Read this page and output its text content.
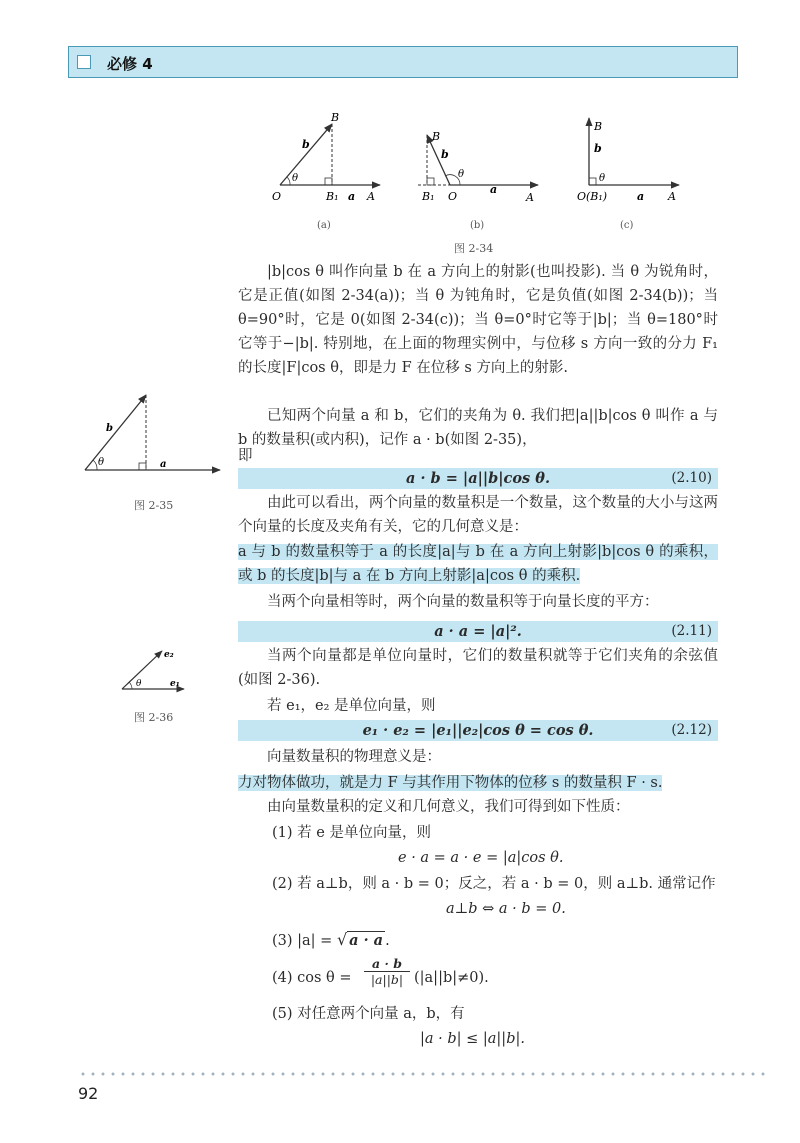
必修 4
B
b
θ
O	B₁ a A
(a)
B
b
θ
B₁ O
a
A
(b)
B
b
θ
O(B₁)	a A
(c)
图 2-34
b
θ	a
图 2-35
e₂
θ	e₁
图 2-36
|b|cos θ 叫作向量 b 在 a 方向上的射影(也叫投影). 当 θ 为锐角时，它是正值(如图 2-34(a))；当 θ 为钝角时，它是负值(如图 2-34(b))；当 θ=90°时，它是 0(如图 2-34(c))；当 θ=0°时它等于|b|；当 θ=180°时它等于−|b|. 特别地，在上面的物理实例中，与位移 s 方向一致的分力 F₁ 的长度|F|cos θ，即是力 F 在位移 s 方向上的射影.
已知两个向量 a 和 b，它们的夹角为 θ. 我们把|a||b|cos θ 叫作 a 与 b 的数量积(或内积)，记作 a · b(如图 2-35)，
即
a · b = |a||b|cos θ.	(2.10)
由此可以看出，两个向量的数量积是一个数量，这个数量的大小与这两个向量的长度及夹角有关，它的几何意义是：
a 与 b 的数量积等于 a 的长度|a|与 b 在 a 方向上射影|b|cos θ 的乘积，或 b 的长度|b|与 a 在 b 方向上射影|a|cos θ 的乘积.
当两个向量相等时，两个向量的数量积等于向量长度的平方：
a · a = |a|².	(2.11)
当两个向量都是单位向量时，它们的数量积就等于它们夹角的余弦值(如图 2-36).
若 e₁，e₂ 是单位向量，则
e₁ · e₂ = |e₁||e₂|cos θ = cos θ.	(2.12)
向量数量积的物理意义是：
力对物体做功，就是力 F 与其作用下物体的位移 s 的数量积 F · s.
由向量数量积的定义和几何意义，我们可得到如下性质：
(1) 若 e 是单位向量，则
e · a = a · e = |a|cos θ.
(2) 若 a⊥b，则 a · b = 0；反之，若 a · b = 0，则 a⊥b. 通常记作
a⊥b ⇔ a · b = 0.
(3) |a| = √ a · a .
(4) $\cos \theta = \frac{a \cdot b}{|a||b|} (|a||b|\ne 0)$.
(5) 对任意两个向量 a，b，有
|a · b| ≤ |a||b|.
92
